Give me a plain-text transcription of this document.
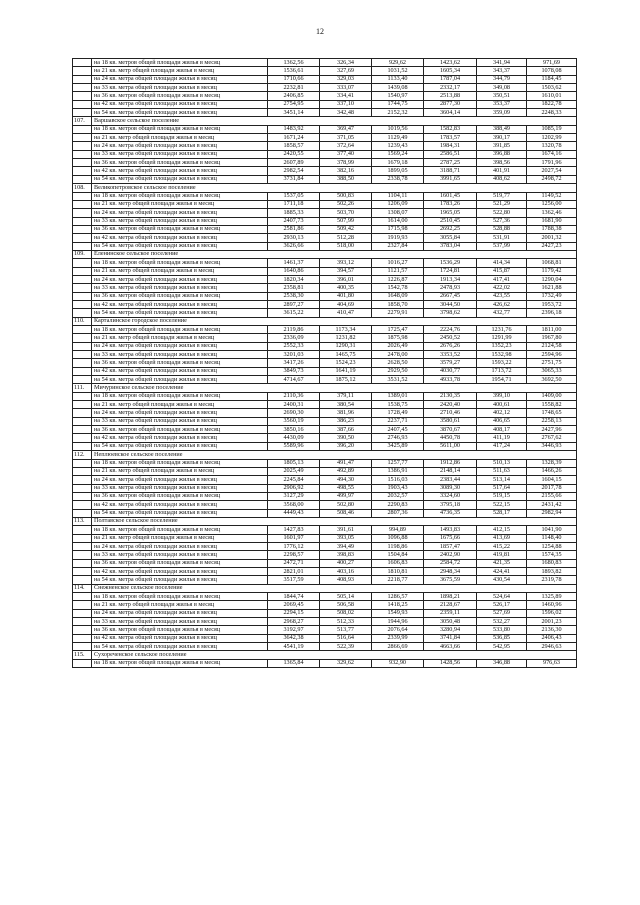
12
	на 18 кв. метров общей площади жилья в месяц	1362,56	326,34	929,62	1423,62	341,94	971,69
	на 21 кв. метр общей площади жилья в месяц	1536,61	327,69	1031,52	1605,34	343,37	1078,08
	на 24 кв. метра общей площади жилья в месяц	1710,66	329,03	1133,40	1787,04	344,79	1184,45
	на 33 кв. метра общей площади жилья в месяц	2232,81	333,07	1439,08	2332,17	349,08	1503,62
	на 36 кв. метров общей площади жилья в месяц	2406,85	334,41	1540,97	2513,88	350,51	1610,01
	на 42 кв. метра общей площади жилья в месяц	2754,95	337,10	1744,75	2877,30	353,37	1822,78
	на 54 кв. метра общей площади жилья в месяц	3451,14	342,48	2152,32	3604,14	359,09	2248,33
107.	Варшавское сельское поселение						
	на 18 кв. метров общей площади жилья в месяц	1483,92	369,47	1019,56	1582,83	388,49	1085,19
	на 21 кв. метр общей площади жилья в месяц	1671,24	371,05	1129,49	1783,57	390,17	1202,99
	на 24 кв. метра общей площади жилья в месяц	1858,57	372,64	1239,43	1984,31	391,85	1320,78
	на 33 кв. метра общей площади жилья в месяц	2420,55	377,40	1569,24	2586,51	396,88	1674,16
	на 36 кв. метров общей площади жилья в месяц	2607,89	378,99	1679,18	2787,25	398,56	1791,96
	на 42 кв. метра общей площади жилья в месяц	2982,54	382,16	1899,05	3188,71	401,91	2027,54
	на 54 кв. метра общей площади жилья в месяц	3731,84	388,50	2338,78	3991,65	408,62	2498,72
108.	Великопетровское сельское поселение						
	на 18 кв. метров общей площади жилья в месяц	1537,05	500,83	1104,11	1601,45	519,77	1149,52
	на 21 кв. метр общей площади жилья в месяц	1711,18	502,26	1206,09	1783,26	521,29	1256,00
	на 24 кв. метра общей площади жилья в месяц	1885,33	503,70	1308,07	1965,05	522,80	1362,46
	на 33 кв. метра общей площади жилья в месяц	2407,73	507,99	1614,00	2510,45	527,36	1681,90
	на 36 кв. метров общей площади жилья в месяц	2581,86	509,42	1715,98	2692,25	528,88	1788,38
	на 42 кв. метра общей площади жилья в месяц	2930,13	512,28	1919,93	3055,84	531,91	2001,32
	на 54 кв. метра общей площади жилья в месяц	3626,66	518,00	2327,84	3783,04	537,99	2427,23
109.	Еленинское сельское поселение						
	на 18 кв. метров общей площади жилья в месяц	1461,37	393,12	1016,27	1536,29	414,34	1068,81
	на 21 кв. метр общей площади жилья в месяц	1640,86	394,57	1121,57	1724,81	415,87	1179,42
	на 24 кв. метра общей площади жилья в месяц	1820,34	396,01	1226,87	1913,34	417,41	1290,04
	на 33 кв. метра общей площади жилья в месяц	2358,81	400,35	1542,78	2478,93	422,02	1621,88
	на 36 кв. метров общей площади жилья в месяц	2538,30	401,80	1648,09	2667,45	423,55	1732,49
	на 42 кв. метра общей площади жилья в месяц	2897,27	404,69	1858,70	3044,50	426,62	1953,72
	на 54 кв. метра общей площади жилья в месяц	3615,22	410,47	2279,91	3798,62	432,77	2396,18
110.	Карталинское городское поселение						
	на 18 кв. метров общей площади жилья в месяц	2119,86	1173,34	1725,47	2224,76	1231,76	1811,00
	на 21 кв. метр общей площади жилья в месяц	2336,09	1231,82	1875,98	2450,52	1291,99	1967,80
	на 24 кв. метра общей площади жилья в месяц	2552,33	1290,31	2026,49	2676,26	1352,23	2124,58
	на 33 кв. метра общей площади жилья в месяц	3201,03	1465,75	2478,00	3353,52	1532,98	2594,96
	на 36 кв. метров общей площади жилья в месяц	3417,26	1524,23	2628,50	3579,27	1593,22	2751,75
	на 42 кв. метра общей площади жилья в месяц	3849,73	1641,19	2929,50	4030,77	1713,72	3065,33
	на 54 кв. метра общей площади жилья в месяц	4714,67	1875,12	3531,52	4933,78	1954,71	3692,50
111.	Мичуринское сельское поселение						
	на 18 кв. метров общей площади жилья в месяц	2110,36	379,11	1389,01	2130,35	399,10	1409,00
	на 21 кв. метр общей площади жилья в месяц	2400,31	380,54	1538,75	2420,40	400,61	1558,82
	на 24 кв. метра общей площади жилья в месяц	2690,30	381,96	1728,49	2710,46	402,12	1748,65
	на 33 кв. метра общей площади жилья в месяц	3560,19	386,23	2237,71	3580,61	406,65	2258,13
	на 36 кв. метров общей площади жилья в месяц	3850,16	387,66	2407,45	3870,67	408,17	2427,96
	на 42 кв. метра общей площади жилья в месяц	4430,09	390,50	2746,93	4450,78	411,19	2767,62
	на 54 кв. метра общей площади жилья в месяц	5589,96	396,20	3425,89	5611,00	417,24	3446,93
112.	Неплюевское сельское поселение						
	на 18 кв. метров общей площади жилья в месяц	1805,13	491,47	1257,77	1912,86	510,13	1328,39
	на 21 кв. метр общей площади жилья в месяц	2025,49	492,89	1386,91	2148,14	511,63	1466,26
	на 24 кв. метра общей площади жилья в месяц	2245,84	494,30	1516,03	2383,44	513,14	1604,15
	на 33 кв. метра общей площади жилья в месяц	2906,92	498,55	1903,43	3089,30	517,64	2017,78
	на 36 кв. метров общей площади жилья в месяц	3127,29	499,97	2032,57	3324,60	519,15	2155,66
	на 42 кв. метра общей площади жилья в месяц	3568,00	502,80	2290,83	3795,18	522,15	2431,42
	на 54 кв. метра общей площади жилья в месяц	4449,43	508,46	2807,36	4736,35	528,17	2982,94
113.	Полтавское сельское поселение						
	на 18 кв. метров общей площади жилья в месяц	1427,83	391,61	994,89	1493,83	412,15	1041,90
	на 21 кв. метр общей площади жилья в месяц	1601,97	393,05	1096,88	1675,66	413,69	1148,40
	на 24 кв. метра общей площади жилья в месяц	1776,12	394,49	1198,86	1857,47	415,22	1254,88
	на 33 кв. метра общей площади жилья в месяц	2298,57	398,83	1504,84	2402,90	419,81	1574,35
	на 36 кв. метров общей площади жилья в месяц	2472,71	400,27	1606,83	2584,72	421,35	1680,83
	на 42 кв. метра общей площади жилья в месяц	2821,01	403,16	1810,81	2948,34	424,41	1893,82
	на 54 кв. метра общей площади жилья в месяц	3517,59	408,93	2218,77	3675,59	430,54	2319,78
114.	Снежненское сельское поселение						
	на 18 кв. метров общей площади жилья в месяц	1844,74	505,14	1286,57	1898,21	524,64	1325,89
	на 21 кв. метр общей площади жилья в месяц	2069,45	506,58	1418,25	2128,67	526,17	1460,96
	на 24 кв. метра общей площади жилья в месяц	2294,15	508,02	1549,93	2359,11	527,69	1596,02
	на 33 кв. метра общей площади жилья в месяц	2968,27	512,33	1944,96	3050,48	532,27	2001,23
	на 36 кв. метров общей площади жилья в месяц	3192,97	513,77	2076,64	3280,94	533,80	2136,30
	на 42 кв. метра общей площади жилья в месяц	3642,38	516,64	2339,99	3741,84	536,85	2406,43
	на 54 кв. метра общей площади жилья в месяц	4541,19	522,39	2866,69	4663,66	542,95	2946,63
115.	Сухореченское сельское поселение						
	на 18 кв. метров общей площади жилья в месяц	1365,84	329,62	932,90	1428,56	346,88	976,63
